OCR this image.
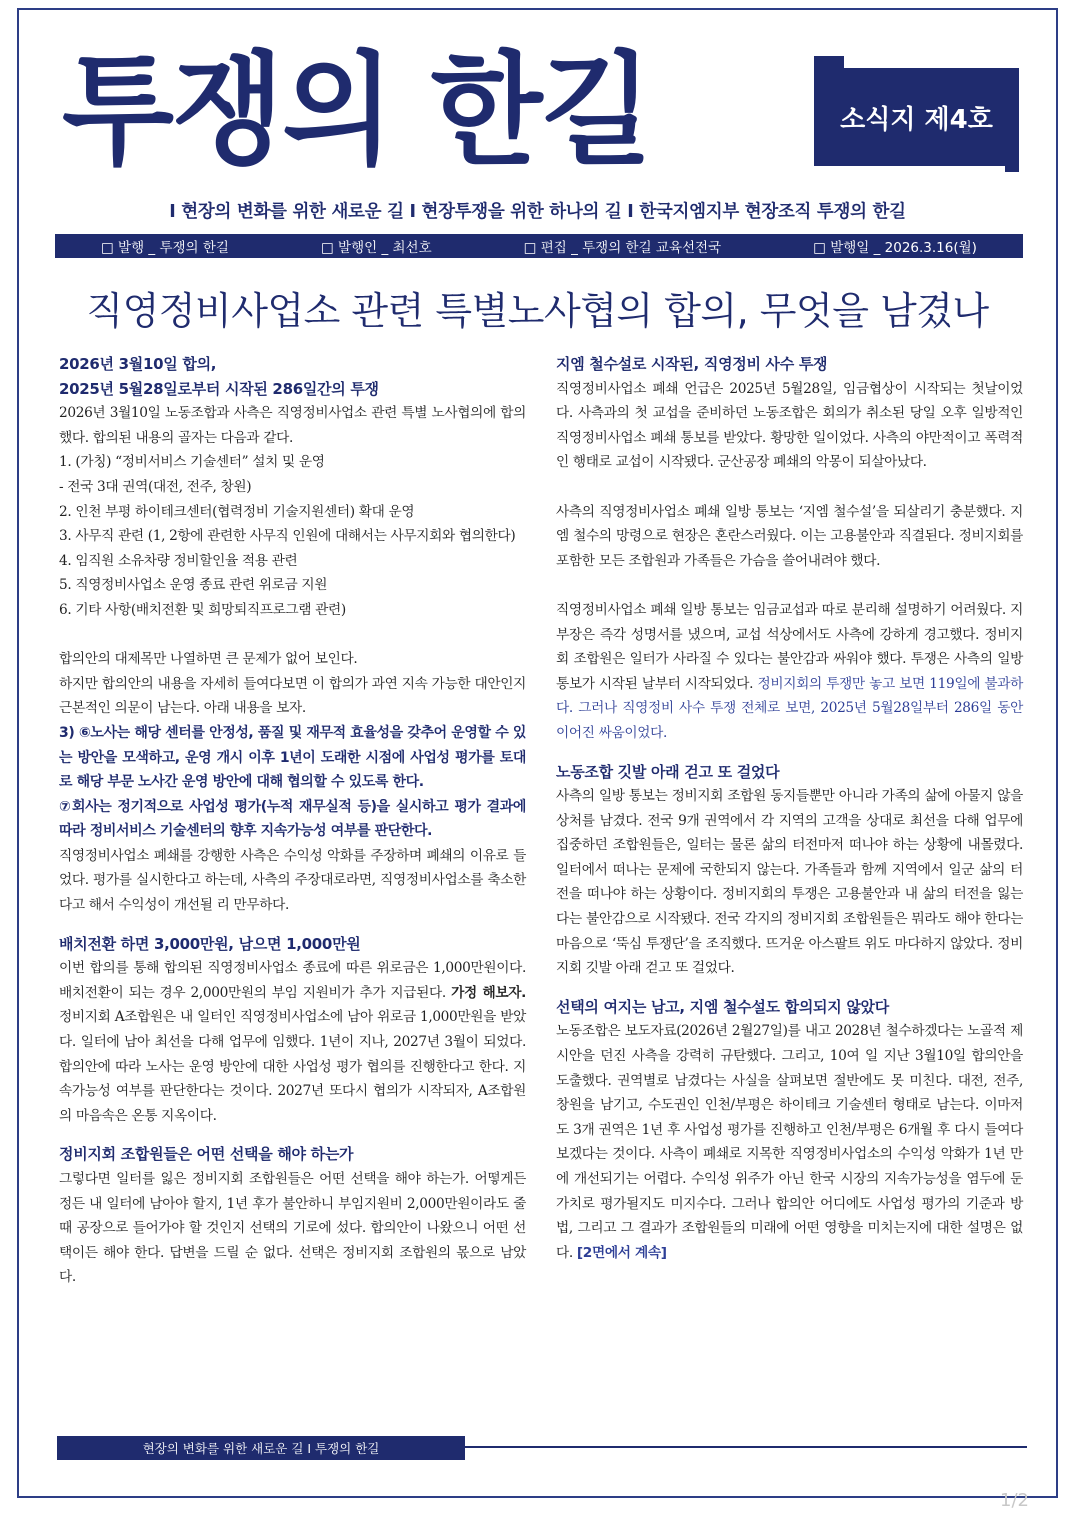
투쟁의 한길	소식지 제4호
I 현장의 변화를 위한 새로운 길 I 현장투쟁을 위한 하나의 길 I 한국지엠지부 현장조직 투쟁의 한길
□ 발행 _ 투쟁의 한길	□ 발행인 _ 최선호	□ 편집 _ 투쟁의 한길 교육선전국	□ 발행일 _ 2026.3.16(월)
직영정비사업소 관련 특별노사협의 합의, 무엇을 남겼나

2026년 3월10일 합의,

2025년 5월28일로부터 시작된 286일간의 투쟁

2026년 3월10일 노동조합과 사측은 직영정비사업소 관련 특별 노사협의에 합의했다. 합의된 내용의 골자는 다음과 같다.

1. (가칭) “정비서비스 기술센터” 설치 및 운영

- 전국 3대 권역(대전, 전주, 창원)

2. 인천 부평 하이테크센터(협력정비 기술지원센터) 확대 운영

3. 사무직 관련 (1, 2항에 관련한 사무직 인원에 대해서는 사무지회와 협의한다)

4. 임직원 소유차량 정비할인율 적용 관련

5. 직영정비사업소 운영 종료 관련 위로금 지원

6. 기타 사항(배치전환 및 희망퇴직프로그램 관련)

합의안의 대제목만 나열하면 큰 문제가 없어 보인다.

하지만 합의안의 내용을 자세히 들여다보면 이 합의가 과연 지속 가능한 대안인지 근본적인 의문이 남는다. 아래 내용을 보자.

3) ⑥노사는 해당 센터를 안정성, 품질 및 재무적 효율성을 갖추어 운영할 수 있는 방안을 모색하고, 운영 개시 이후 1년이 도래한 시점에 사업성 평가를 토대로 해당 부문 노사간 운영 방안에 대해 협의할 수 있도록 한다.

⑦회사는 정기적으로 사업성 평가(누적 재무실적 등)을 실시하고 평가 결과에 따라 정비서비스 기술센터의 향후 지속가능성 여부를 판단한다.

직영정비사업소 폐쇄를 강행한 사측은 수익성 악화를 주장하며 폐쇄의 이유로 들었다. 평가를 실시한다고 하는데, 사측의 주장대로라면, 직영정비사업소를 축소한다고 해서 수익성이 개선될 리 만무하다.

배치전환 하면 3,000만원, 남으면 1,000만원

이번 합의를 통해 합의된 직영정비사업소 종료에 따른 위로금은 1,000만원이다. 배치전환이 되는 경우 2,000만원의 부임 지원비가 추가 지급된다. 가정 해보자. 정비지회 A조합원은 내 일터인 직영정비사업소에 남아 위로금 1,000만원을 받았다. 일터에 남아 최선을 다해 업무에 임했다. 1년이 지나, 2027년 3월이 되었다. 합의안에 따라 노사는 운영 방안에 대한 사업성 평가 협의를 진행한다고 한다. 지속가능성 여부를 판단한다는 것이다. 2027년 또다시 협의가 시작되자, A조합원의 마음속은 온통 지옥이다.

정비지회 조합원들은 어떤 선택을 해야 하는가

그렇다면 일터를 잃은 정비지회 조합원들은 어떤 선택을 해야 하는가. 어떻게든 정든 내 일터에 남아야 할지, 1년 후가 불안하니 부임지원비 2,000만원이라도 줄 때 공장으로 들어가야 할 것인지 선택의 기로에 섰다. 합의안이 나왔으니 어떤 선택이든 해야 한다. 답변을 드릴 순 없다. 선택은 정비지회 조합원의 몫으로 남았다.

지엠 철수설로 시작된, 직영정비 사수 투쟁

직영정비사업소 폐쇄 언급은 2025년 5월28일, 임금협상이 시작되는 첫날이었다. 사측과의 첫 교섭을 준비하던 노동조합은 회의가 취소된 당일 오후 일방적인 직영정비사업소 폐쇄 통보를 받았다. 황망한 일이었다. 사측의 야만적이고 폭력적인 행태로 교섭이 시작됐다. 군산공장 폐쇄의 악몽이 되살아났다.

사측의 직영정비사업소 폐쇄 일방 통보는 ‘지엠 철수설’을 되살리기 충분했다. 지엠 철수의 망령으로 현장은 혼란스러웠다. 이는 고용불안과 직결된다. 정비지회를 포함한 모든 조합원과 가족들은 가슴을 쓸어내려야 했다.

직영정비사업소 폐쇄 일방 통보는 임금교섭과 따로 분리해 설명하기 어려웠다. 지부장은 즉각 성명서를 냈으며, 교섭 석상에서도 사측에 강하게 경고했다. 정비지회 조합원은 일터가 사라질 수 있다는 불안감과 싸워야 했다. 투쟁은 사측의 일방 통보가 시작된 날부터 시작되었다. 정비지회의 투쟁만 놓고 보면 119일에 불과하다. 그러나 직영정비 사수 투쟁 전체로 보면, 2025년 5월28일부터 286일 동안 이어진 싸움이었다.

노동조합 깃발 아래 걷고 또 걸었다

사측의 일방 통보는 정비지회 조합원 동지들뿐만 아니라 가족의 삶에 아물지 않을 상처를 남겼다. 전국 9개 권역에서 각 지역의 고객을 상대로 최선을 다해 업무에 집중하던 조합원들은, 일터는 물론 삶의 터전마저 떠나야 하는 상황에 내몰렸다. 일터에서 떠나는 문제에 국한되지 않는다. 가족들과 함께 지역에서 일군 삶의 터전을 떠나야 하는 상황이다. 정비지회의 투쟁은 고용불안과 내 삶의 터전을 잃는다는 불안감으로 시작됐다. 전국 각지의 정비지회 조합원들은 뭐라도 해야 한다는 마음으로 ‘뚝심 투쟁단’을 조직했다. 뜨거운 아스팔트 위도 마다하지 않았다. 정비지회 깃발 아래 걷고 또 걸었다.

선택의 여지는 남고, 지엠 철수설도 합의되지 않았다

노동조합은 보도자료(2026년 2월27일)를 내고 2028년 철수하겠다는 노골적 제시안을 던진 사측을 강력히 규탄했다. 그리고, 10여 일 지난 3월10일 합의안을 도출했다. 권역별로 남겼다는 사실을 살펴보면 절반에도 못 미친다. 대전, 전주, 창원을 남기고, 수도권인 인천/부평은 하이테크 기술센터 형태로 남는다. 이마저도 3개 권역은 1년 후 사업성 평가를 진행하고 인천/부평은 6개월 후 다시 들여다보겠다는 것이다. 사측이 폐쇄로 지목한 직영정비사업소의 수익성 악화가 1년 만에 개선되기는 어렵다. 수익성 위주가 아닌 한국 시장의 지속가능성을 염두에 둔 가치로 평가될지도 미지수다. 그러나 합의안 어디에도 사업성 평가의 기준과 방법, 그리고 그 결과가 조합원들의 미래에 어떤 영향을 미치는지에 대한 설명은 없다. [2면에서 계속]

현장의 변화를 위한 새로운 길 I 투쟁의 한길
1/2
